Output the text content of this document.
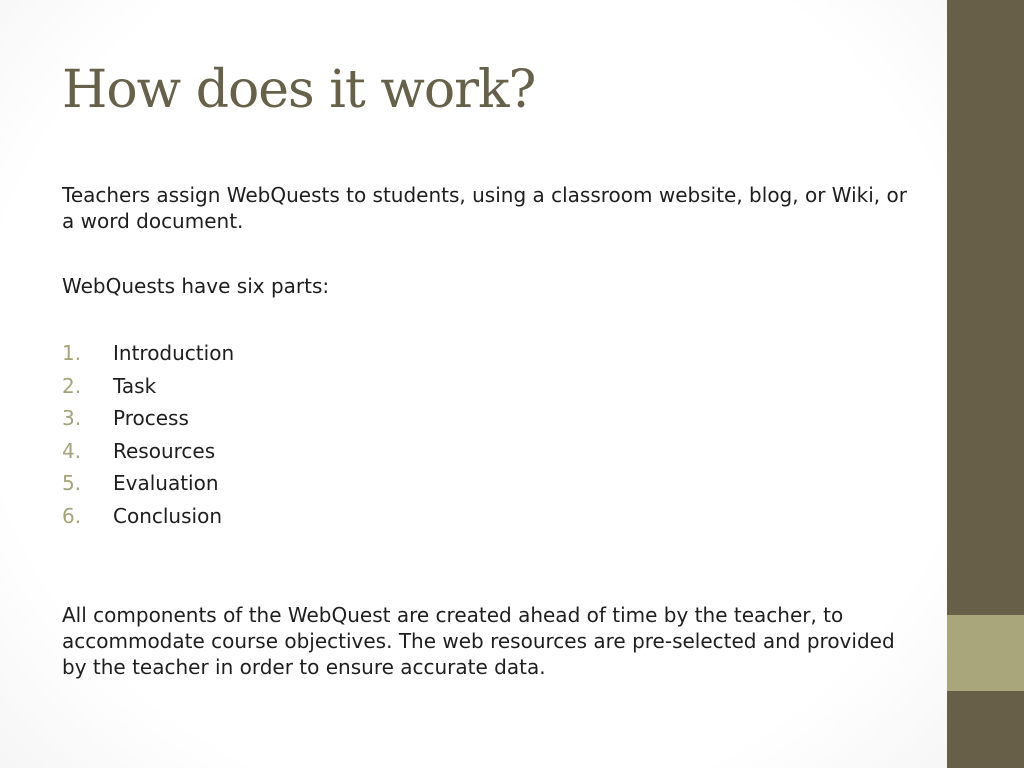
How does it work?

Teachers assign WebQuests to students, using a classroom website, blog, or Wiki, or a word document.

WebQuests have six parts:

1. Introduction
2. Task
3. Process
4. Resources
5. Evaluation
6. Conclusion

All components of the WebQuest are created ahead of time by the teacher, to accommodate course objectives. The web resources are pre-selected and provided by the teacher in order to ensure accurate data.
